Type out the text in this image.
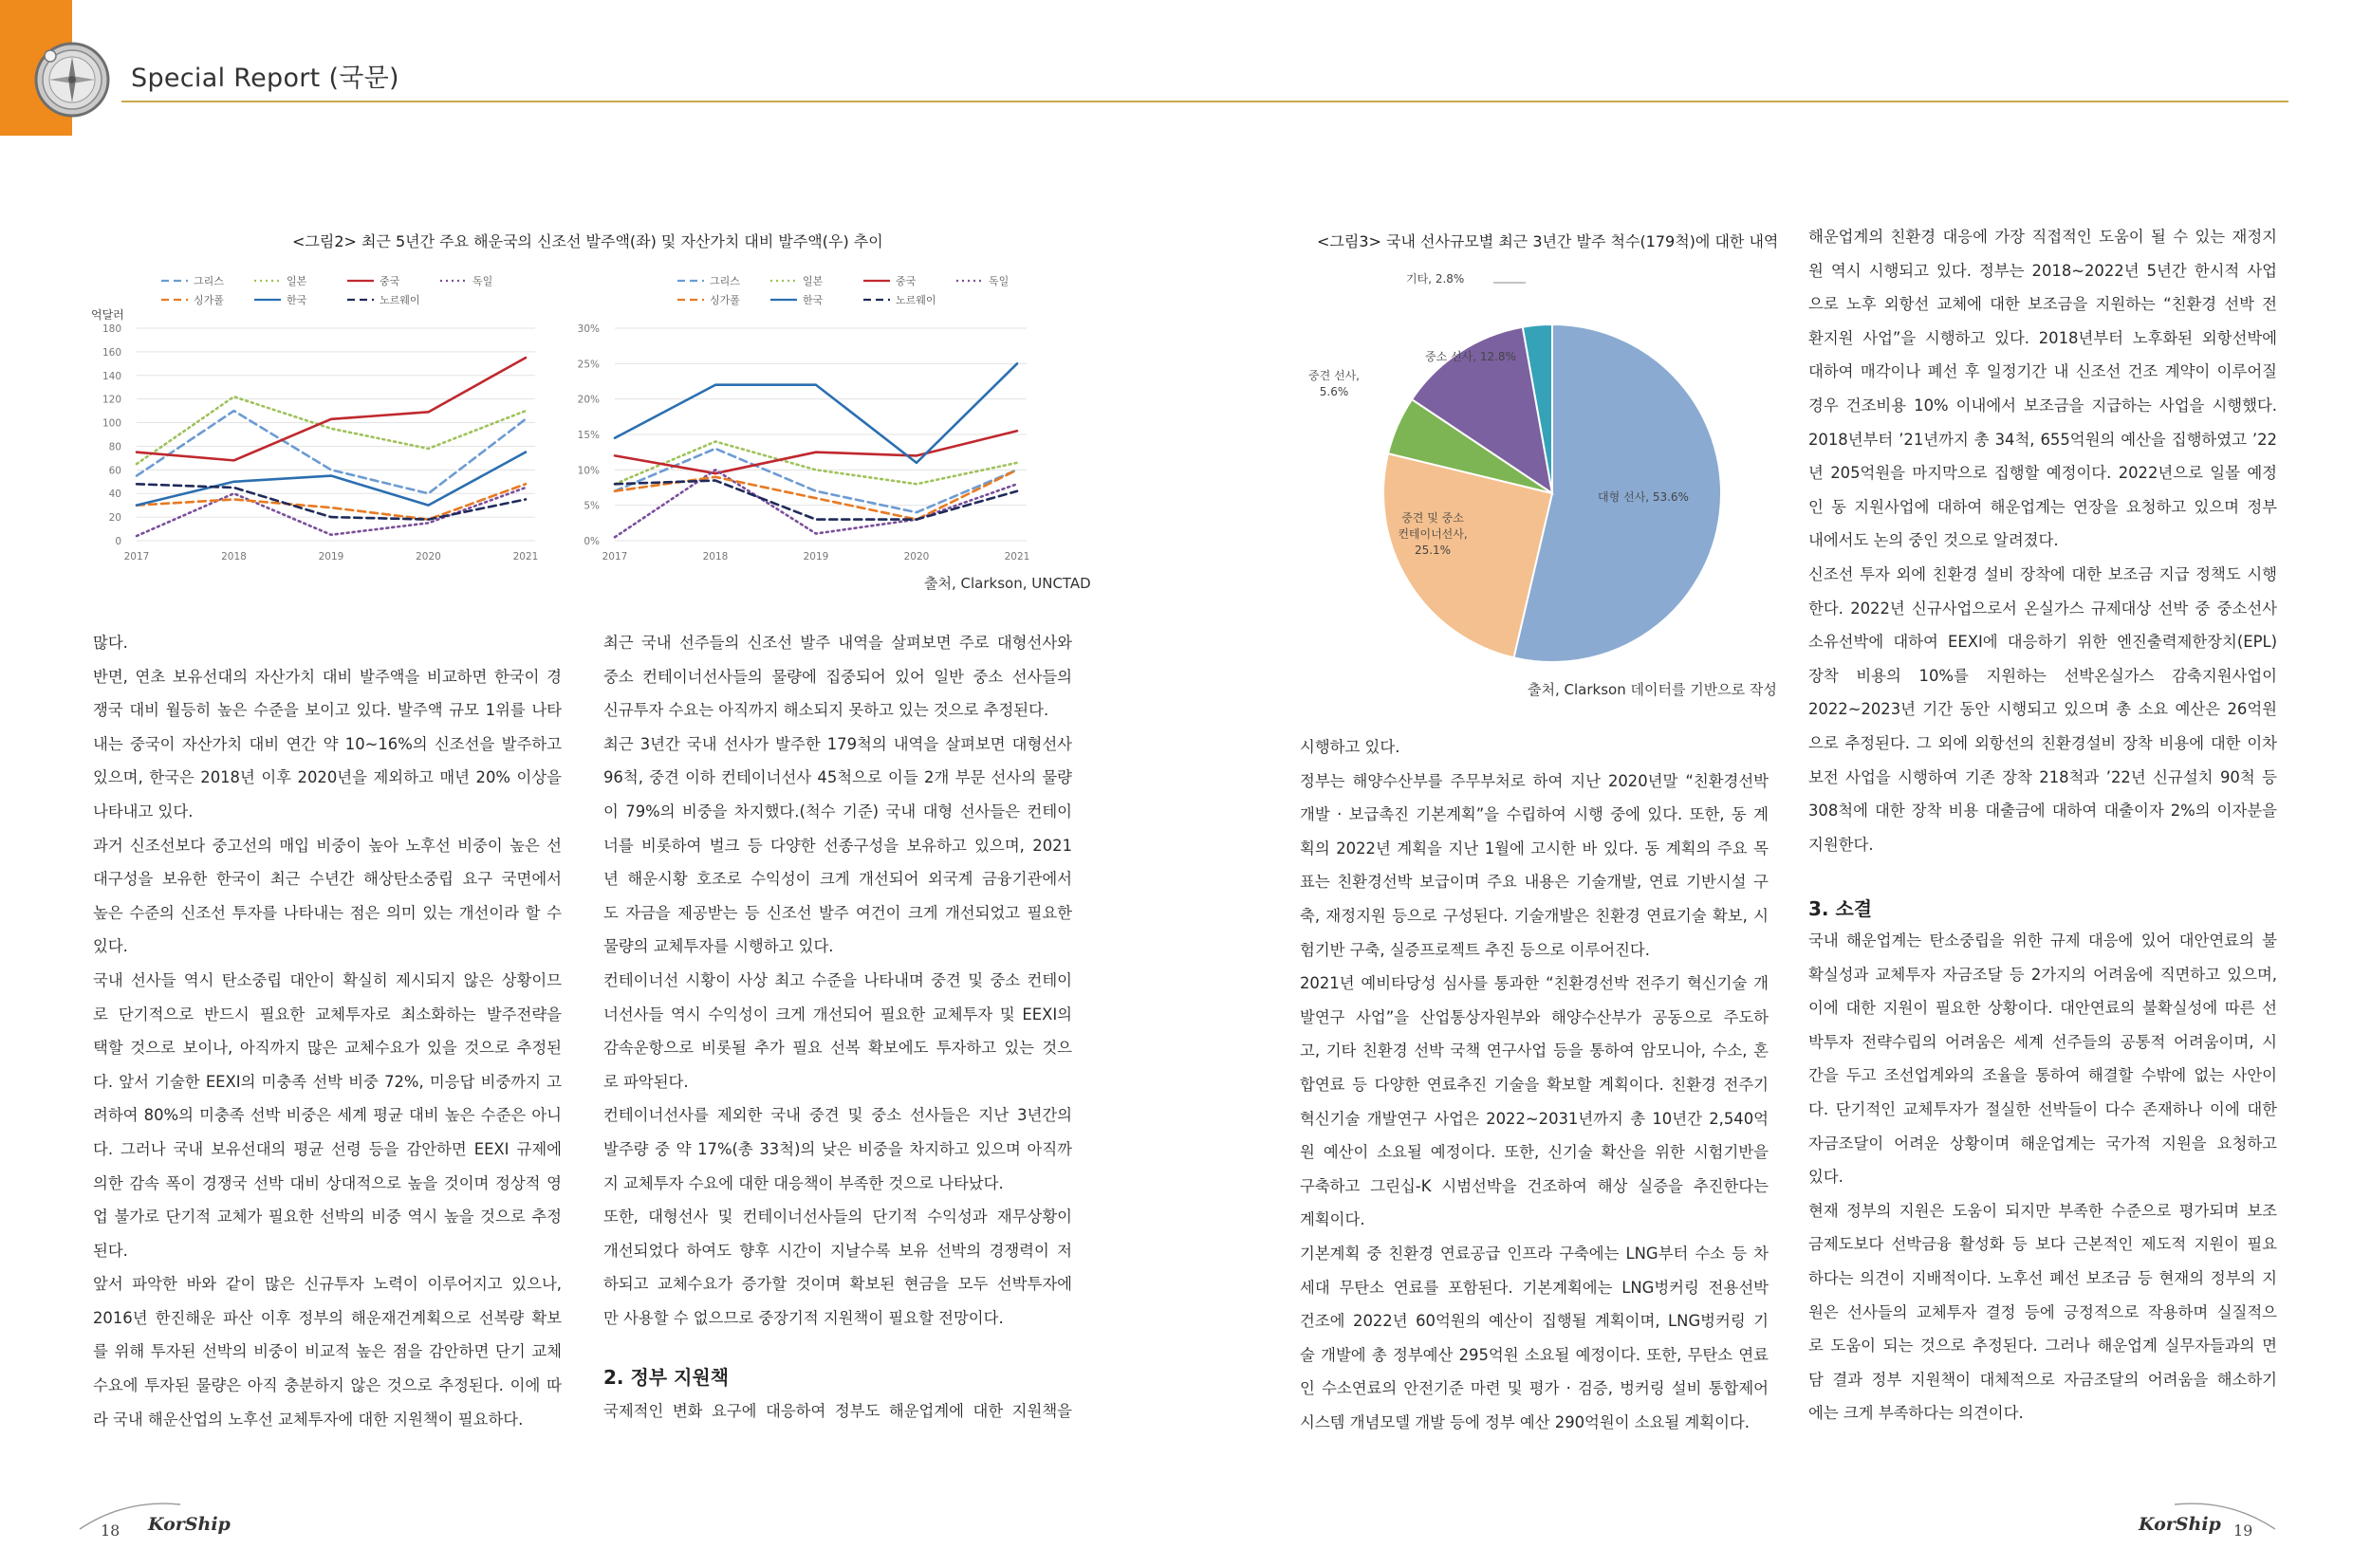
Special Report (국문)
<그림2> 최근 5년간 주요 해운국의 신조선 발주액(좌) 및 자산가치 대비 발주액(우) 추이
그리스	일본	중국	독일
싱가폴	한국	노르웨이
억달러
0
20
40
60
80
100
120
140
160
180
2017	2018	2019	2020	2021
그리스	일본	중국	독일
싱가폴	한국	노르웨이
0%
5%
10%
15%
20%
25%
30%
2017	2018	2019	2020	2021
출처, Clarkson, UNCTAD
<그림3> 국내 선사규모별 최근 3년간 발주 척수(179척)에 대한 내역
대형 선사, 53.6%
중견 및 중소 컨테이너선사, 25.1%
중견 선사, 5.6%
중소 선사, 12.8%
기타, 2.8%
출처, Clarkson 데이터를 기반으로 작성
많다.
반면, 연초 보유선대의 자산가치 대비 발주액을 비교하면 한국이 경
쟁국 대비 월등히 높은 수준을 보이고 있다. 발주액 규모 1위를 나타
내는 중국이 자산가치 대비 연간 약 10~16%의 신조선을 발주하고
있으며, 한국은 2018년 이후 2020년을 제외하고 매년 20% 이상을
나타내고 있다.
과거 신조선보다 중고선의 매입 비중이 높아 노후선 비중이 높은 선
대구성을 보유한 한국이 최근 수년간 해상탄소중립 요구 국면에서
높은 수준의 신조선 투자를 나타내는 점은 의미 있는 개선이라 할 수
있다.
국내 선사들 역시 탄소중립 대안이 확실히 제시되지 않은 상황이므
로 단기적으로 반드시 필요한 교체투자로 최소화하는 발주전략을
택할 것으로 보이나, 아직까지 많은 교체수요가 있을 것으로 추정된
다. 앞서 기술한 EEXI의 미충족 선박 비중 72%, 미응답 비중까지 고
려하여 80%의 미충족 선박 비중은 세계 평균 대비 높은 수준은 아니
다. 그러나 국내 보유선대의 평균 선령 등을 감안하면 EEXI 규제에
의한 감속 폭이 경쟁국 선박 대비 상대적으로 높을 것이며 정상적 영
업 불가로 단기적 교체가 필요한 선박의 비중 역시 높을 것으로 추정
된다.
앞서 파악한 바와 같이 많은 신규투자 노력이 이루어지고 있으나,
2016년 한진해운 파산 이후 정부의 해운재건계획으로 선복량 확보
를 위해 투자된 선박의 비중이 비교적 높은 점을 감안하면 단기 교체
수요에 투자된 물량은 아직 충분하지 않은 것으로 추정된다. 이에 따
라 국내 해운산업의 노후선 교체투자에 대한 지원책이 필요하다.
최근 국내 선주들의 신조선 발주 내역을 살펴보면 주로 대형선사와
중소 컨테이너선사들의 물량에 집중되어 있어 일반 중소 선사들의
신규투자 수요는 아직까지 해소되지 못하고 있는 것으로 추정된다.
최근 3년간 국내 선사가 발주한 179척의 내역을 살펴보면 대형선사
96척, 중견 이하 컨테이너선사 45척으로 이들 2개 부문 선사의 물량
이 79%의 비중을 차지했다.(척수 기준) 국내 대형 선사들은 컨테이
너를 비롯하여 벌크 등 다양한 선종구성을 보유하고 있으며, 2021
년 해운시황 호조로 수익성이 크게 개선되어 외국계 금융기관에서
도 자금을 제공받는 등 신조선 발주 여건이 크게 개선되었고 필요한
물량의 교체투자를 시행하고 있다.
컨테이너선 시황이 사상 최고 수준을 나타내며 중견 및 중소 컨테이
너선사들 역시 수익성이 크게 개선되어 필요한 교체투자 및 EEXI의
감속운항으로 비롯될 추가 필요 선복 확보에도 투자하고 있는 것으
로 파악된다.
컨테이너선사를 제외한 국내 중견 및 중소 선사들은 지난 3년간의
발주량 중 약 17%(총 33척)의 낮은 비중을 차지하고 있으며 아직까
지 교체투자 수요에 대한 대응책이 부족한 것으로 나타났다.
또한, 대형선사 및 컨테이너선사들의 단기적 수익성과 재무상황이
개선되었다 하여도 향후 시간이 지날수록 보유 선박의 경쟁력이 저
하되고 교체수요가 증가할 것이며 확보된 현금을 모두 선박투자에
만 사용할 수 없으므로 중장기적 지원책이 필요할 전망이다.
2. 정부 지원책
국제적인 변화 요구에 대응하여 정부도 해운업계에 대한 지원책을
시행하고 있다.
정부는 해양수산부를 주무부처로 하여 지난 2020년말 “친환경선박
개발 · 보급촉진 기본계획”을 수립하여 시행 중에 있다. 또한, 동 계
획의 2022년 계획을 지난 1월에 고시한 바 있다. 동 계획의 주요 목
표는 친환경선박 보급이며 주요 내용은 기술개발, 연료 기반시설 구
축, 재정지원 등으로 구성된다. 기술개발은 친환경 연료기술 확보, 시
험기반 구축, 실증프로젝트 추진 등으로 이루어진다.
2021년 예비타당성 심사를 통과한 “친환경선박 전주기 혁신기술 개
발연구 사업”을 산업통상자원부와 해양수산부가 공동으로 주도하
고, 기타 친환경 선박 국책 연구사업 등을 통하여 암모니아, 수소, 혼
합연료 등 다양한 연료추진 기술을 확보할 계획이다. 친환경 전주기
혁신기술 개발연구 사업은 2022~2031년까지 총 10년간 2,540억
원 예산이 소요될 예정이다. 또한, 신기술 확산을 위한 시험기반을
구축하고 그린십-K 시범선박을 건조하여 해상 실증을 추진한다는
계획이다.
기본계획 중 친환경 연료공급 인프라 구축에는 LNG부터 수소 등 차
세대 무탄소 연료를 포함된다. 기본계획에는 LNG벙커링 전용선박
건조에 2022년 60억원의 예산이 집행될 계획이며, LNG벙커링 기
술 개발에 총 정부예산 295억원 소요될 예정이다. 또한, 무탄소 연료
인 수소연료의 안전기준 마련 및 평가 · 검증, 벙커링 설비 통합제어
시스템 개념모델 개발 등에 정부 예산 290억원이 소요될 계획이다.
해운업계의 친환경 대응에 가장 직접적인 도움이 될 수 있는 재정지
원 역시 시행되고 있다. 정부는 2018~2022년 5년간 한시적 사업
으로 노후 외항선 교체에 대한 보조금을 지원하는 “친환경 선박 전
환지원 사업”을 시행하고 있다. 2018년부터 노후화된 외항선박에
대하여 매각이나 폐선 후 일정기간 내 신조선 건조 계약이 이루어질
경우 건조비용 10% 이내에서 보조금을 지급하는 사업을 시행했다.
2018년부터 ’21년까지 총 34척, 655억원의 예산을 집행하였고 ’22
년 205억원을 마지막으로 집행할 예정이다. 2022년으로 일몰 예정
인 동 지원사업에 대하여 해운업계는 연장을 요청하고 있으며 정부
내에서도 논의 중인 것으로 알려졌다.
신조선 투자 외에 친환경 설비 장착에 대한 보조금 지급 정책도 시행
한다. 2022년 신규사업으로서 온실가스 규제대상 선박 중 중소선사
소유선박에 대하여 EEXI에 대응하기 위한 엔진출력제한장치(EPL)
장착 비용의 10%를 지원하는 선박온실가스 감축지원사업이
2022~2023년 기간 동안 시행되고 있으며 총 소요 예산은 26억원
으로 추정된다. 그 외에 외항선의 친환경설비 장착 비용에 대한 이차
보전 사업을 시행하여 기존 장착 218척과 ’22년 신규설치 90척 등
308척에 대한 장착 비용 대출금에 대하여 대출이자 2%의 이자분을
지원한다.
3. 소결
국내 해운업계는 탄소중립을 위한 규제 대응에 있어 대안연료의 불
확실성과 교체투자 자금조달 등 2가지의 어려움에 직면하고 있으며,
이에 대한 지원이 필요한 상황이다. 대안연료의 불확실성에 따른 선
박투자 전략수립의 어려움은 세계 선주들의 공통적 어려움이며, 시
간을 두고 조선업계와의 조율을 통하여 해결할 수밖에 없는 사안이
다. 단기적인 교체투자가 절실한 선박들이 다수 존재하나 이에 대한
자금조달이 어려운 상황이며 해운업계는 국가적 지원을 요청하고
있다.
현재 정부의 지원은 도움이 되지만 부족한 수준으로 평가되며 보조
금제도보다 선박금융 활성화 등 보다 근본적인 제도적 지원이 필요
하다는 의견이 지배적이다. 노후선 폐선 보조금 등 현재의 정부의 지
원은 선사들의 교체투자 결정 등에 긍정적으로 작용하며 실질적으
로 도움이 되는 것으로 추정된다. 그러나 해운업계 실무자들과의 면
담 결과 정부 지원책이 대체적으로 자금조달의 어려움을 해소하기
에는 크게 부족하다는 의견이다.
18 KorShip	KorShip 19
